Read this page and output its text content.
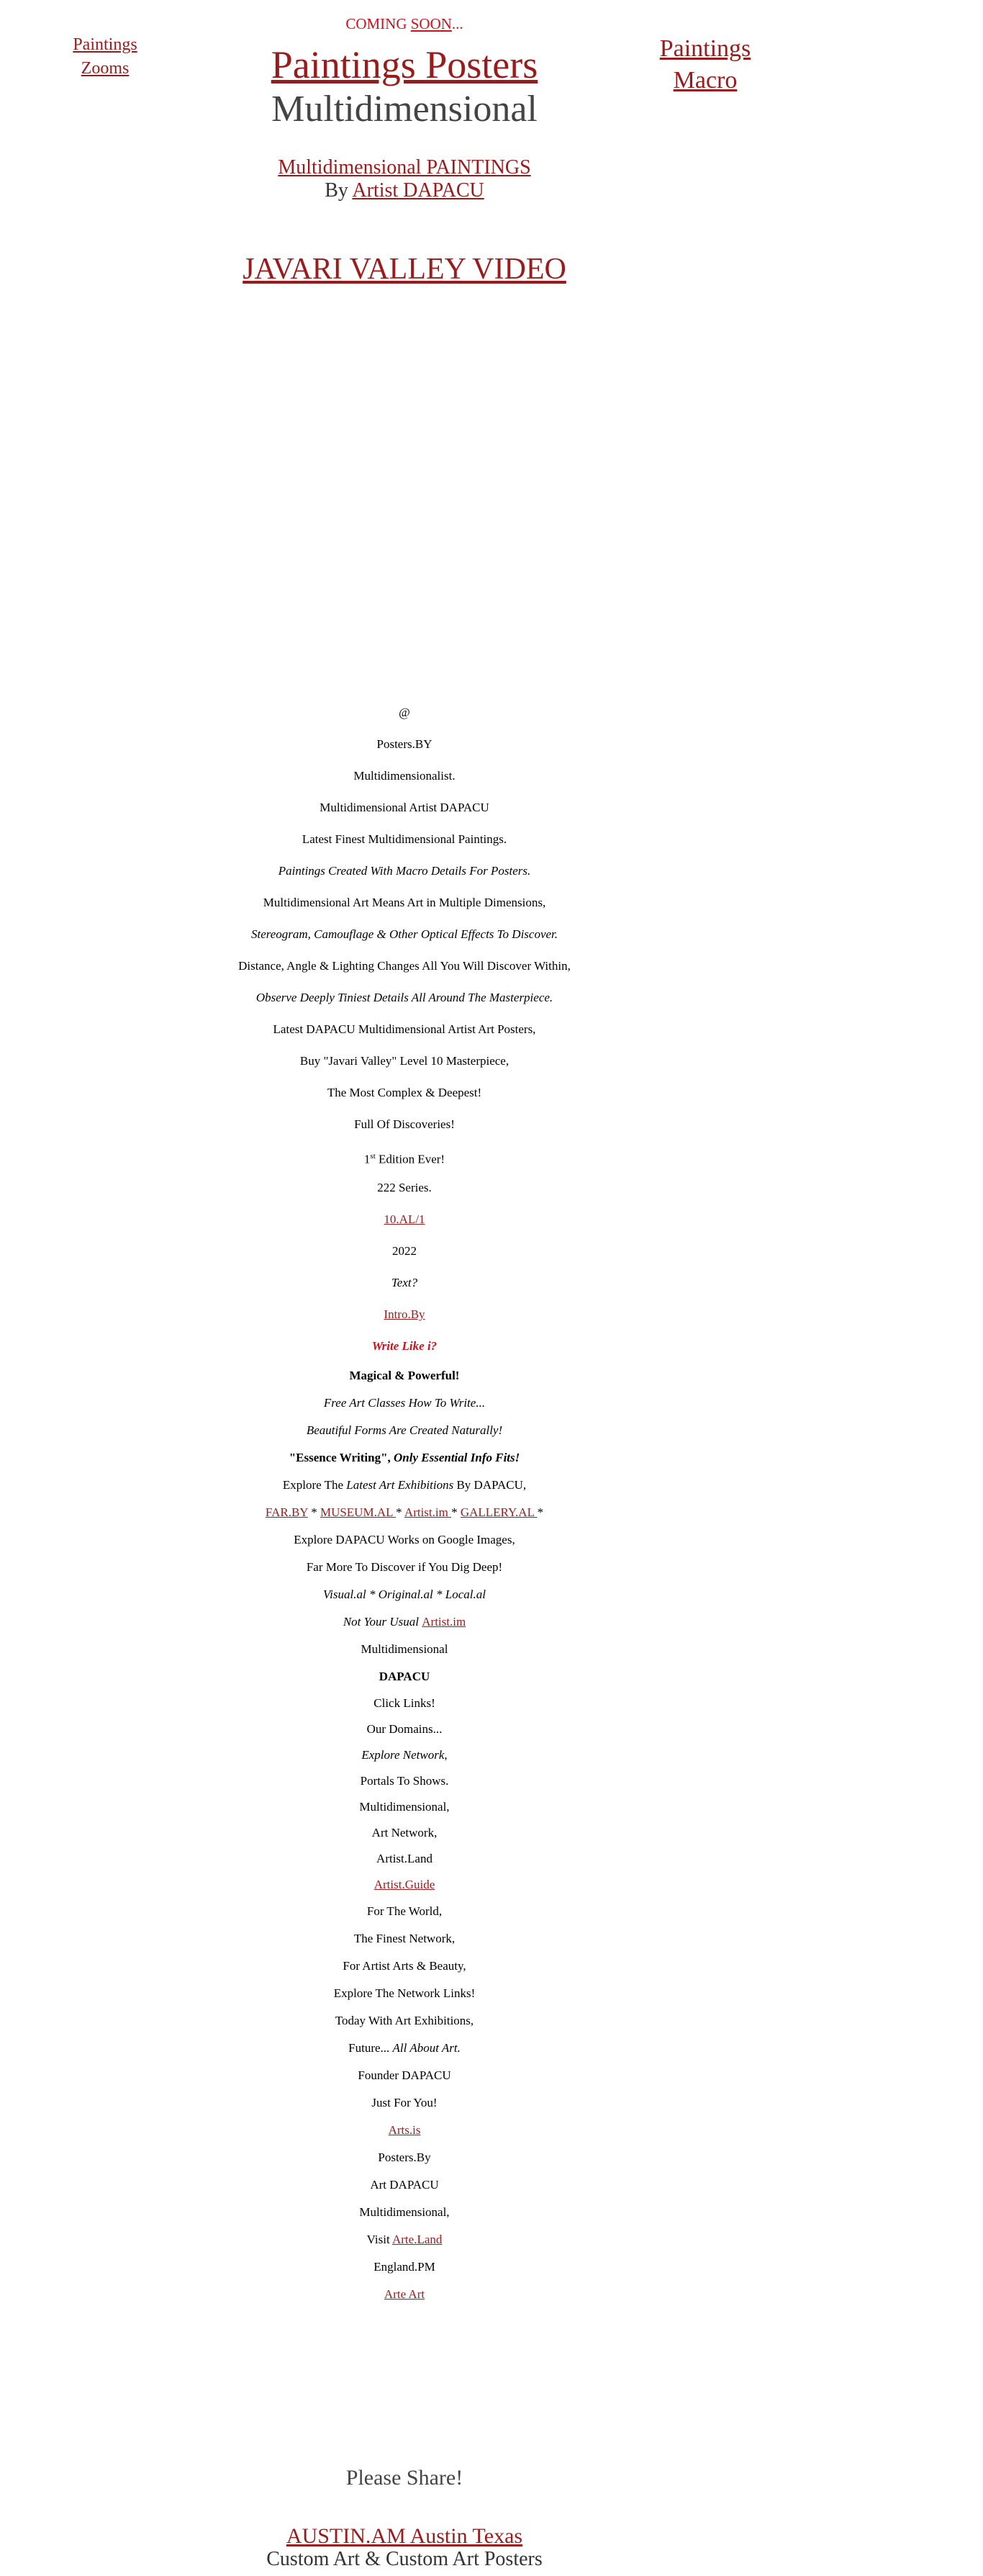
Paintings
Zooms
Paintings
Macro
COMING SOON...
Paintings Posters
Multidimensional
Multidimensional PAINTINGS
By Artist DAPACU
JAVARI VALLEY VIDEO
@
Posters.BY
Multidimensionalist.
Multidimensional Artist DAPACU
Latest Finest Multidimensional Paintings.
Paintings Created With Macro Details For Posters.
Multidimensional Art Means Art in Multiple Dimensions,
Stereogram, Camouflage & Other Optical Effects To Discover.
Distance, Angle & Lighting Changes All You Will Discover Within,
Observe Deeply Tiniest Details All Around The Masterpiece.
Latest DAPACU Multidimensional Artist Art Posters,
Buy "Javari Valley" Level 10 Masterpiece,
The Most Complex & Deepest!
Full Of Discoveries!
1st Edition Ever!
222 Series.
10.AL/1
2022
Text?
Intro.By
Write Like i?
Magical & Powerful!
Free Art Classes How To Write...
Beautiful Forms Are Created Naturally!
"Essence Writing", Only Essential Info Fits!
Explore The Latest Art Exhibitions By DAPACU,
FAR.BY * MUSEUM.AL * Artist.im * GALLERY.AL *
Explore DAPACU Works on Google Images,
Far More To Discover if You Dig Deep!
Visual.al * Original.al * Local.al
Not Your Usual Artist.im
Multidimensional
DAPACU
Click Links!
Our Domains...
Explore Network,
Portals To Shows.
Multidimensional,
Art Network,
Artist.Land
Artist.Guide
For The World,
The Finest Network,
For Artist Arts & Beauty,
Explore The Network Links!
Today With Art Exhibitions,
Future... All About Art.
Founder DAPACU
Just For You!
Arts.is
Posters.By
Art DAPACU
Multidimensional,
Visit Arte.Land
England.PM
Arte Art
Please Share!
AUSTIN.AM Austin Texas
Custom Art & Custom Art Posters
